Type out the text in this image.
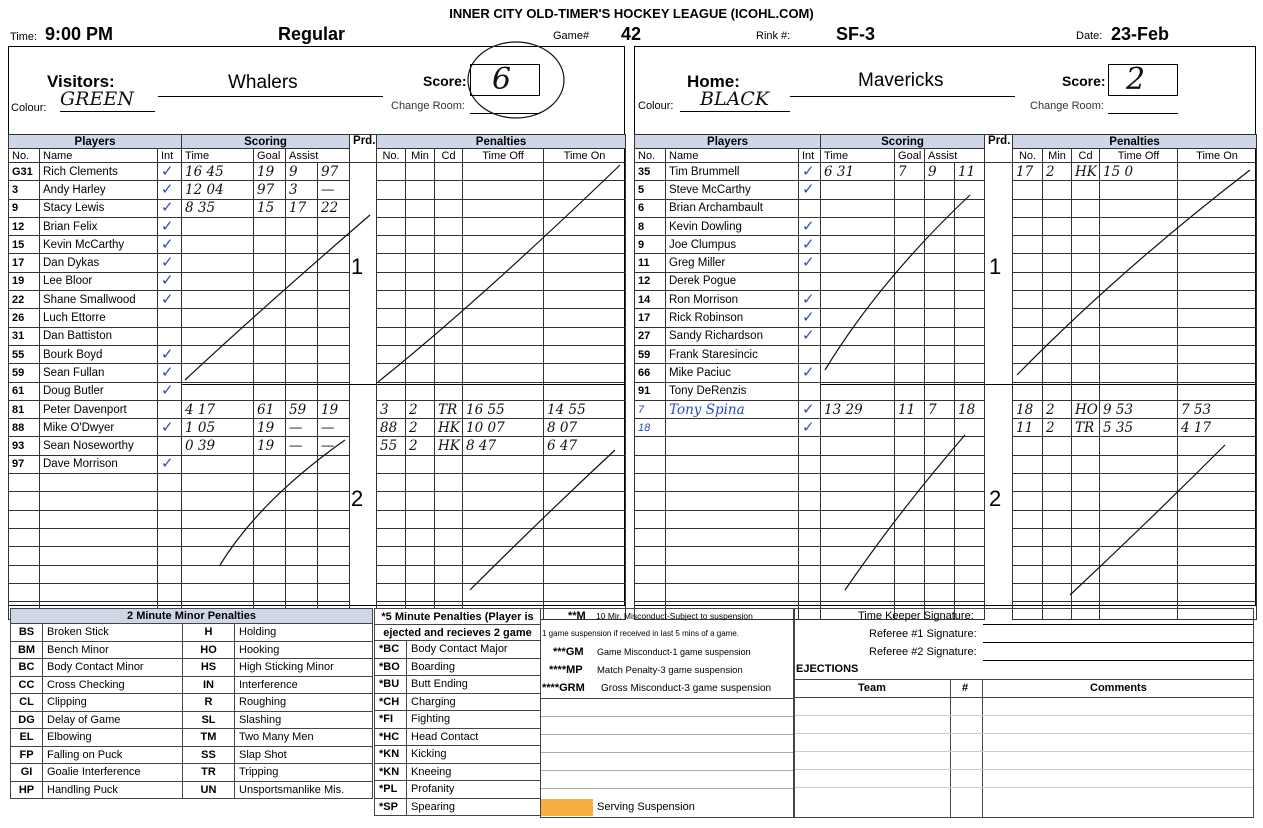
INNER CITY OLD-TIMER'S HOCKEY LEAGUE (ICOHL.COM)
Time: 9:00 PM	Regular	Game# 42	Rink #:	SF-3	Date: 23-Feb
Visitors:
Colour: GREEN
Whalers	Score: 6
Change Room:
Home:
Colour: BLACK
Mavericks	Score: 2
Change Room:
Players			Scoring				Prd.	Penalties				
No.	Name	Int	Time	Goal	Assist			No.	Min	Cd	Time Off	Time On
G31	Rich Clements	✓	16 45	19	9	97						
3	Andy Harley	✓	12 04	97	3	—						
9	Stacy Lewis	✓	8 35	15	17	22						
12	Brian Felix	✓										
15	Kevin McCarthy	✓										
17	Dan Dykas	✓										
19	Lee Bloor	✓										
22	Shane Smallwood	✓										
26	Luch Ettorre											
31	Dan Battiston											
55	Bourk Boyd	✓										
59	Sean Fullan	✓										
61	Doug Butler	✓										
81	Peter Davenport		4 17	61	59	19		3	2	TR	16 55	14 55
88	Mike O'Dwyer	✓	1 05	19	—	—		88	2	HK	10 07	8 07
93	Sean Noseworthy		0 39	19	—	—		55	2	HK	8 47	6 47
97	Dave Morrison	✓										

Players			Scoring				Prd.	Penalties				
No.	Name	Int	Time	Goal	Assist			No.	Min	Cd	Time Off	Time On
35	Tim Brummell	✓	6 31	7	9	11		17	2	HK	15 0	
5	Steve McCarthy	✓										
6	Brian Archambault											
8	Kevin Dowling	✓										
9	Joe Clumpus	✓										
11	Greg Miller	✓										
12	Derek Pogue											
14	Ron Morrison	✓										
17	Rick Robinson	✓										
27	Sandy Richardson	✓										
59	Frank Staresincic											
66	Mike Paciuc	✓										
91	Tony DeRenzis											
7	Tony Spina	✓	13 29	11	7	18		18	2	HO	9 53	7 53
18		✓						11	2	TR	5 35	4 17

1
2
1
2
2 Minute Minor Penalties			
BS	Broken Stick	H	Holding
BM	Bench Minor	HO	Hooking
BC	Body Contact Minor	HS	High Sticking Minor
CC	Cross Checking	IN	Interference
CL	Clipping	R	Roughing
DG	Delay of Game	SL	Slashing
EL	Elbowing	TM	Two Many Men
FP	Falling on Puck	SS	Slap Shot
GI	Goalie Interference	TR	Tripping
HP	Handling Puck	UN	Unsportsmanlike Mis.
*5 Minute Penalties (Player is	
ejected and recieves 2 game	
*BC	Body Contact Major
*BO	Boarding
*BU	Butt Ending
*CH	Charging
*FI	Fighting
*HC	Head Contact
*KN	Kicking
*KN	Kneeing
*PL	Profanity
*SP	Spearing
**M 10 Mir. Misconduct-Subject to suspension
1 game suspension if received in last 5 mins of a game.
***GM Game Misconduct-1 game suspension
****MP Match Penalty-3 game suspension
****GRM Gross Misconduct-3 game suspension
Serving Suspension
Time Keeper Signature:
Referee #1 Signature:
Referee #2 Signature:
EJECTIONS
Team	#	Comments
